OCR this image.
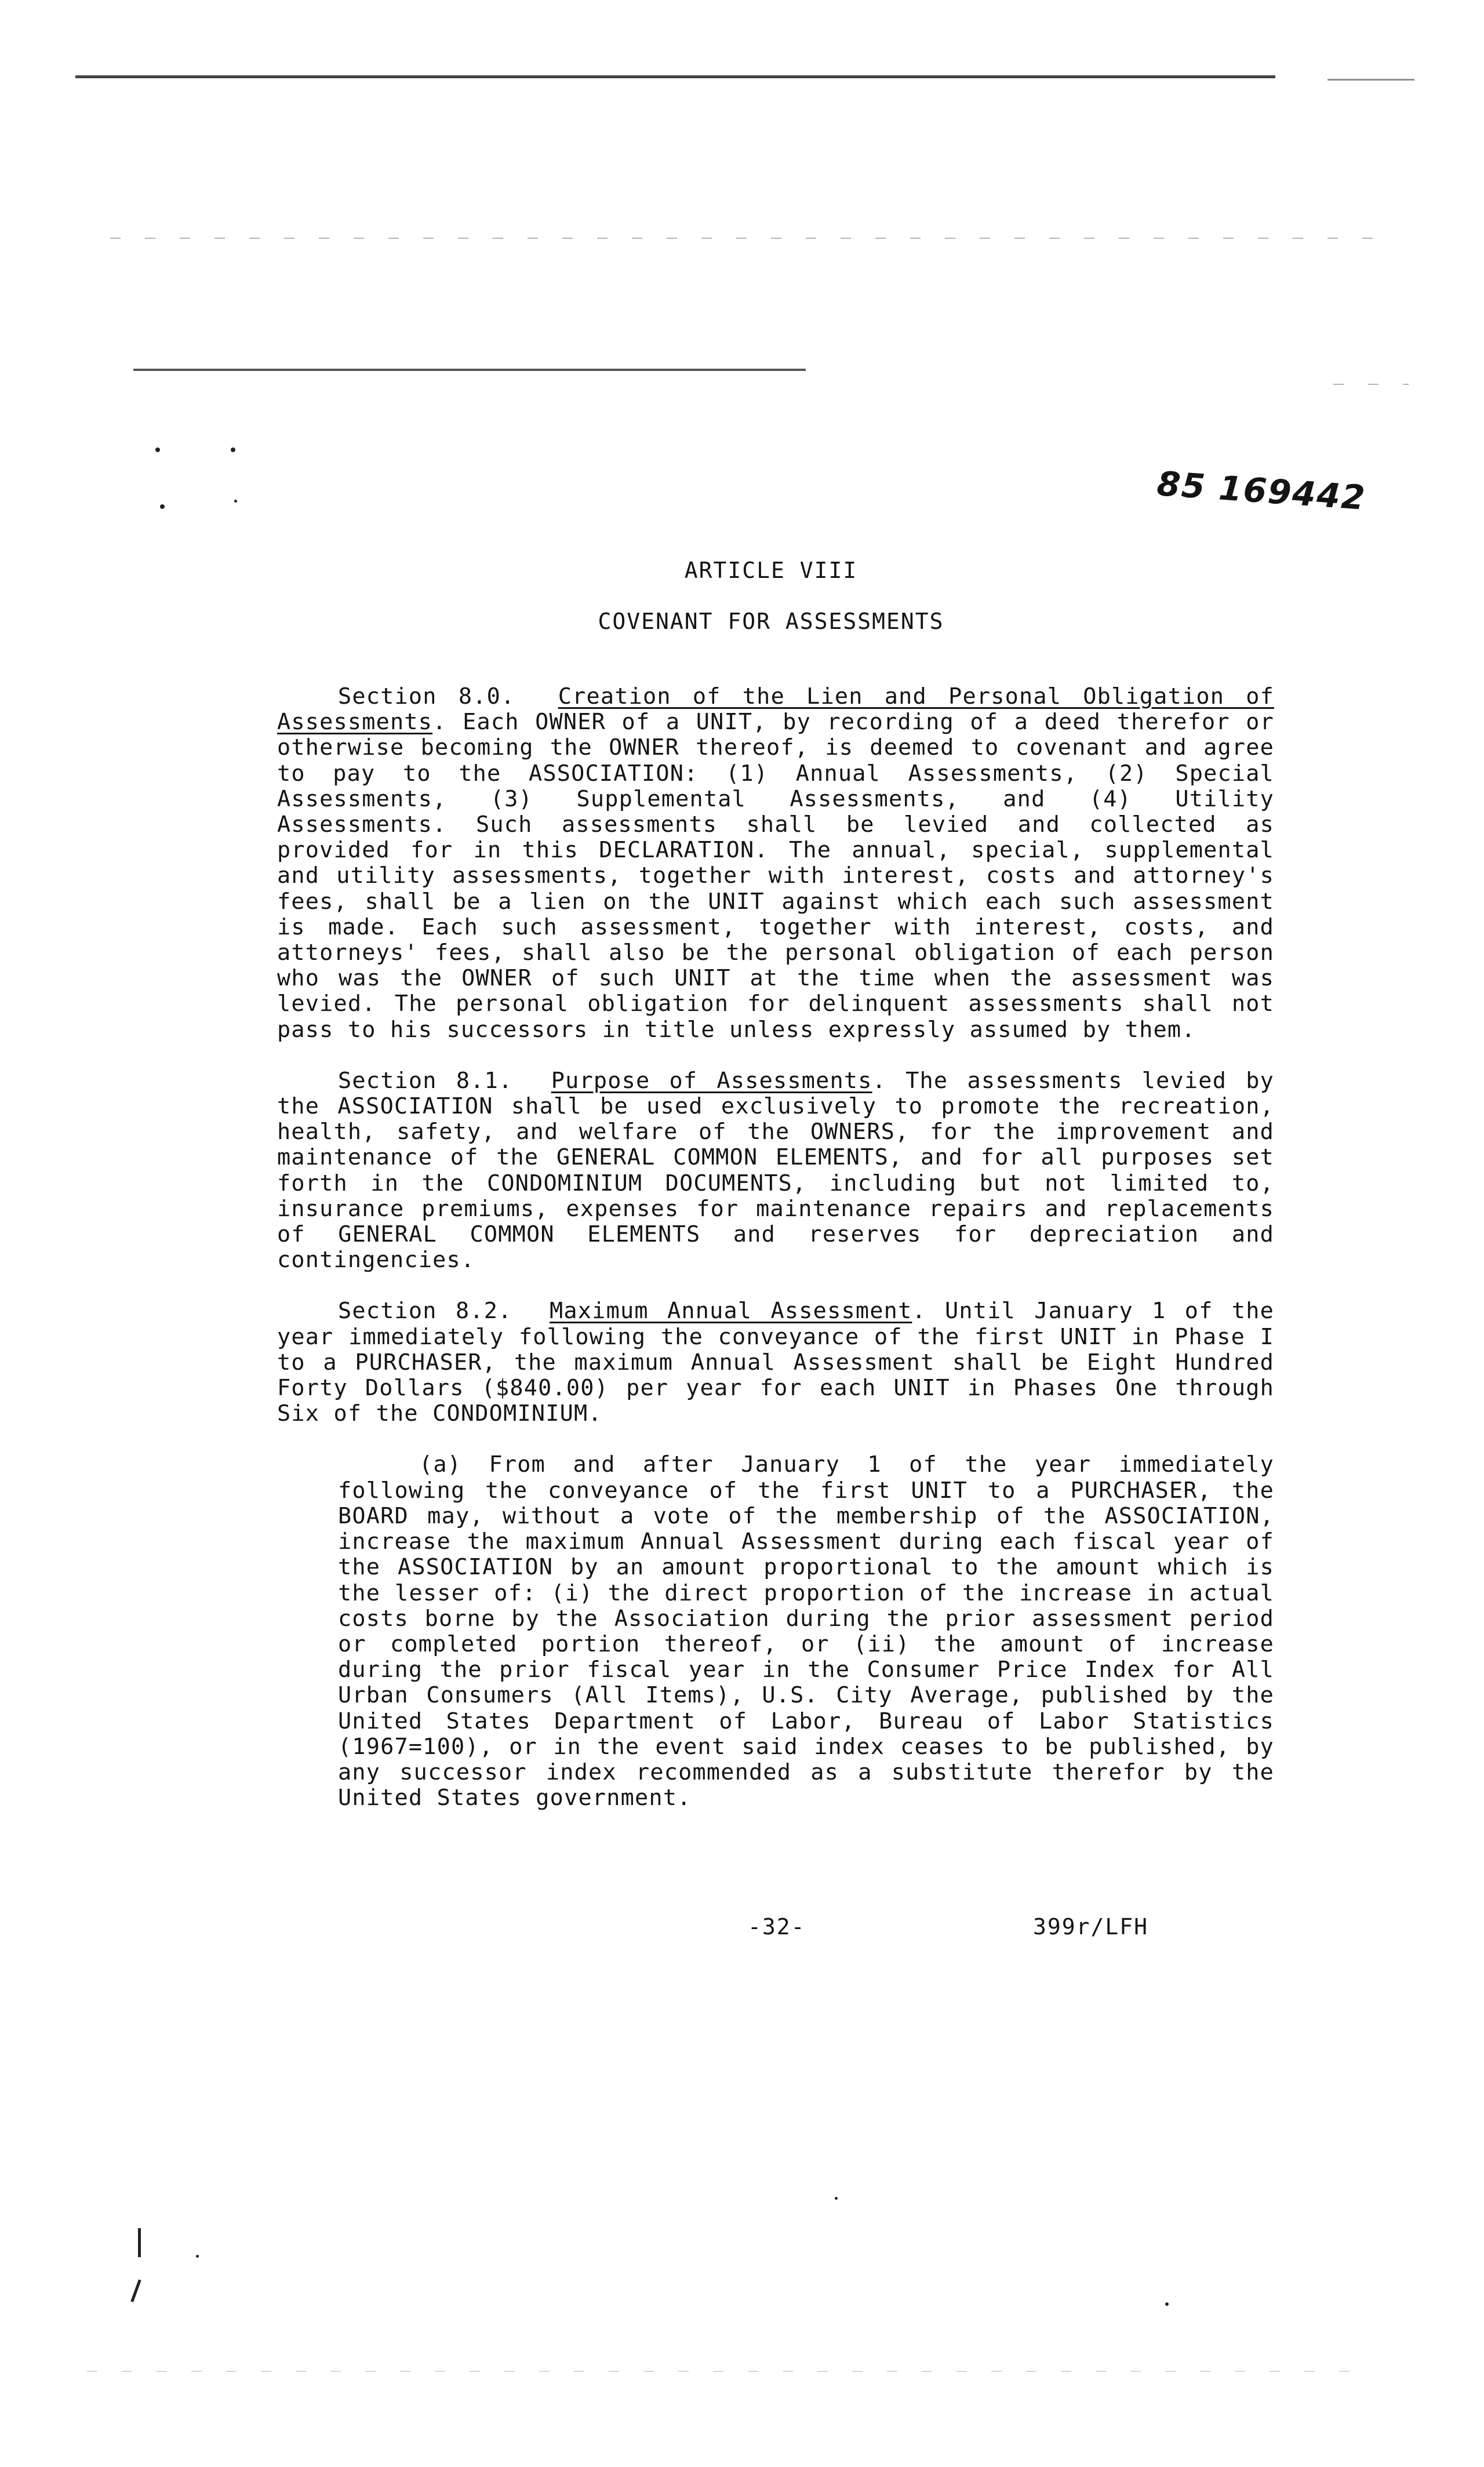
85 169442
ARTICLE VIII
COVENANT FOR ASSESSMENTS

Section 8.0. Creation of the Lien and Personal Obligation of Assessments. Each OWNER of a UNIT, by recording of a deed therefor or otherwise becoming the OWNER thereof, is deemed to covenant and agree to pay to the ASSOCIATION: (1) Annual Assessments, (2) Special Assessments, (3) Supplemental Assessments, and (4) Utility Assessments. Such assessments shall be levied and collected as provided for in this DECLARATION. The annual, special, supplemental and utility assessments, together with interest, costs and attorney's fees, shall be a lien on the UNIT against which each such assessment is made. Each such assessment, together with interest, costs, and attorneys' fees, shall also be the personal obligation of each person who was the OWNER of such UNIT at the time when the assessment was levied. The personal obligation for delinquent assessments shall not pass to his successors in title unless expressly assumed by them.

Section 8.1. Purpose of Assessments. The assessments levied by the ASSOCIATION shall be used exclusively to promote the recreation, health, safety, and welfare of the OWNERS, for the improvement and maintenance of the GENERAL COMMON ELEMENTS, and for all purposes set forth in the CONDOMINIUM DOCUMENTS, including but not limited to, insurance premiums, expenses for maintenance repairs and replacements of GENERAL COMMON ELEMENTS and reserves for depreciation and contingencies.

Section 8.2. Maximum Annual Assessment. Until January 1 of the year immediately following the conveyance of the first UNIT in Phase I to a PURCHASER, the maximum Annual Assessment shall be Eight Hundred Forty Dollars ($840.00) per year for each UNIT in Phases One through Six of the CONDOMINIUM.

(a) From and after January 1 of the year immediately following the conveyance of the first UNIT to a PURCHASER, the BOARD may, without a vote of the membership of the ASSOCIATION, increase the maximum Annual Assessment during each fiscal year of the ASSOCIATION by an amount proportional to the amount which is the lesser of: (i) the direct proportion of the increase in actual costs borne by the Association during the prior assessment period or completed portion thereof, or (ii) the amount of increase during the prior fiscal year in the Consumer Price Index for All Urban Consumers (All Items), U.S. City Average, published by the United States Department of Labor, Bureau of Labor Statistics (1967=100), or in the event said index ceases to be published, by any successor index recommended as a substitute therefor by the United States government.

-32-	399r/LFH
